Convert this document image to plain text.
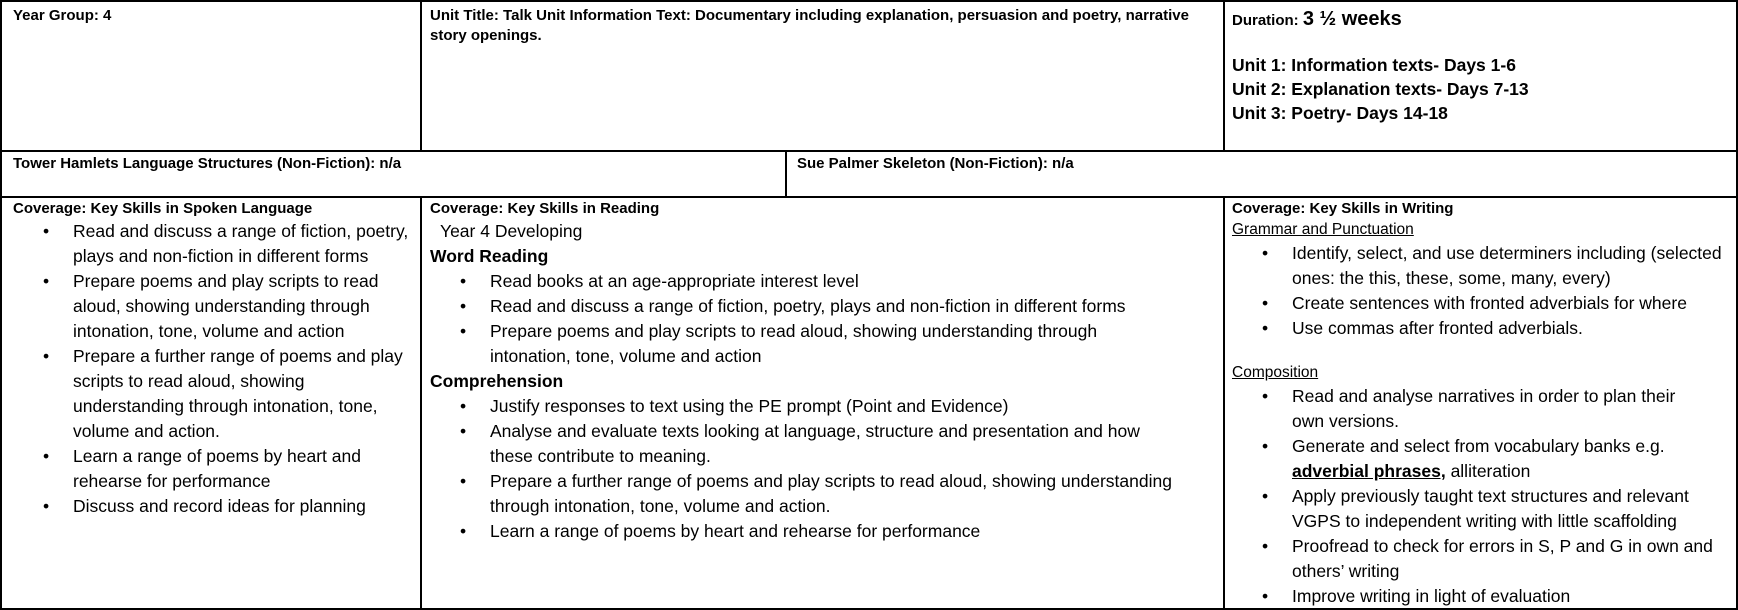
Year Group: 4	Unit Title: Talk Unit Information Text: Documentary including explanation, persuasion and poetry, narrative story openings.
Duration: 3 ½ weeks
Unit 1: Information texts- Days 1-6
Unit 2: Explanation texts- Days 7-13
Unit 3: Poetry- Days 14-18
Tower Hamlets Language Structures (Non-Fiction): n/a	Sue Palmer Skeleton (Non-Fiction): n/a
Coverage: Key Skills in Spoken Language
• Read and discuss a range of fiction, poetry, plays and non-fiction in different forms
• Prepare poems and play scripts to read aloud, showing understanding through intonation, tone, volume and action
• Prepare a further range of poems and play scripts to read aloud, showing understanding through intonation, tone, volume and action.
• Learn a range of poems by heart and rehearse for performance
• Discuss and record ideas for planning
Coverage: Key Skills in Reading
Year 4 Developing
Word Reading
• Read books at an age-appropriate interest level
• Read and discuss a range of fiction, poetry, plays and non-fiction in different forms
• Prepare poems and play scripts to read aloud, showing understanding through intonation, tone, volume and action
Comprehension
• Justify responses to text using the PE prompt (Point and Evidence)
• Analyse and evaluate texts looking at language, structure and presentation and how these contribute to meaning.
• Prepare a further range of poems and play scripts to read aloud, showing understanding through intonation, tone, volume and action.
• Learn a range of poems by heart and rehearse for performance
Coverage: Key Skills in Writing
Grammar and Punctuation
• Identify, select, and use determiners including (selected ones: the this, these, some, many, every)
• Create sentences with fronted adverbials for where
• Use commas after fronted adverbials.
Composition
• Read and analyse narratives in order to plan their own versions.
• Generate and select from vocabulary banks e.g. adverbial phrases, alliteration
• Apply previously taught text structures and relevant VGPS to independent writing with little scaffolding
• Proofread to check for errors in S, P and G in own and others’ writing
• Improve writing in light of evaluation
